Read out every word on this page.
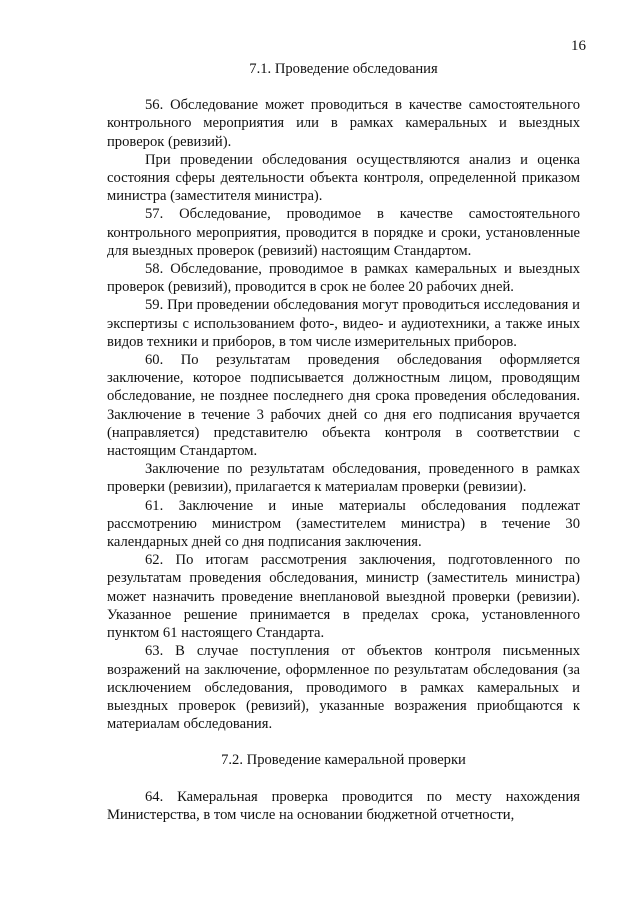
16

7.1. Проведение обследования

56. Обследование может проводиться в качестве самостоятельного контрольного мероприятия или в рамках камеральных и выездных проверок (ревизий).

При проведении обследования осуществляются анализ и оценка состояния сферы деятельности объекта контроля, определенной приказом министра (заместителя министра).

57. Обследование, проводимое в качестве самостоятельного контрольного мероприятия, проводится в порядке и сроки, установленные для выездных проверок (ревизий) настоящим Стандартом.

58. Обследование, проводимое в рамках камеральных и выездных проверок (ревизий), проводится в срок не более 20 рабочих дней.

59. При проведении обследования могут проводиться исследования и экспертизы с использованием фото-, видео- и аудиотехники, а также иных видов техники и приборов, в том числе измерительных приборов.

60. По результатам проведения обследования оформляется заключение, которое подписывается должностным лицом, проводящим обследование, не позднее последнего дня срока проведения обследования. Заключение в течение 3 рабочих дней со дня его подписания вручается (направляется) представителю объекта контроля в соответствии с настоящим Стандартом.

Заключение по результатам обследования, проведенного в рамках проверки (ревизии), прилагается к материалам проверки (ревизии).

61. Заключение и иные материалы обследования подлежат рассмотрению министром (заместителем министра) в течение 30 календарных дней со дня подписания заключения.

62. По итогам рассмотрения заключения, подготовленного по результатам проведения обследования, министр (заместитель министра) может назначить проведение внеплановой выездной проверки (ревизии). Указанное решение принимается в пределах срока, установленного пунктом 61 настоящего Стандарта.

63. В случае поступления от объектов контроля письменных возражений на заключение, оформленное по результатам обследования (за исключением обследования, проводимого в рамках камеральных и выездных проверок (ревизий), указанные возражения приобщаются к материалам обследования.

7.2. Проведение камеральной проверки

64. Камеральная проверка проводится по месту нахождения Министерства, в том числе на основании бюджетной отчетности,
